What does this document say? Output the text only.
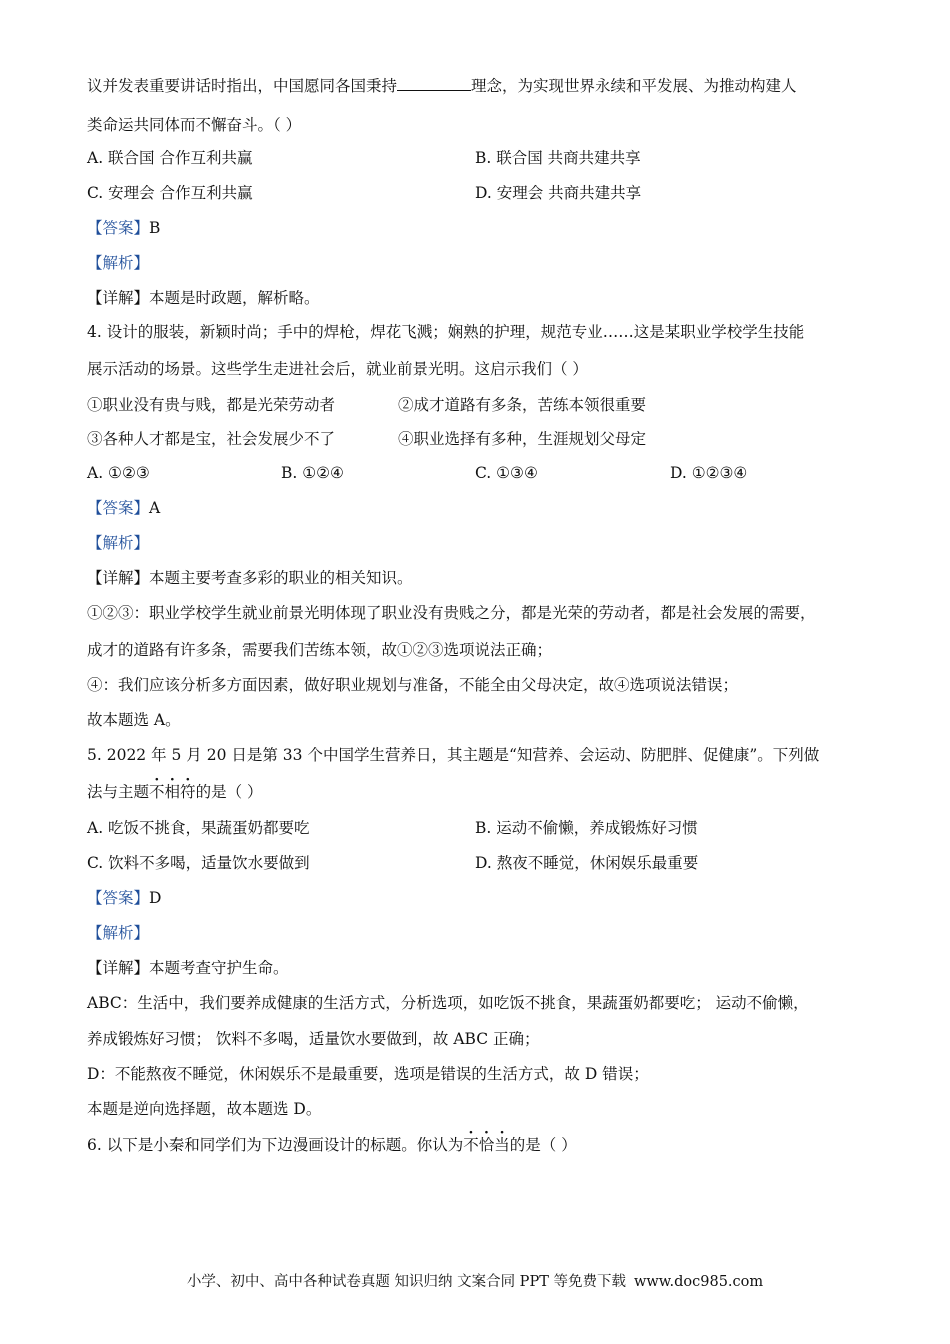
议并发表重要讲话时指出，中国愿同各国秉持	理念，为实现世界永续和平发展、为推动构建人
类命运共同体而不懈奋斗。（ ）
A. 联合国 合作互利共赢	B. 联合国 共商共建共享
C. 安理会 合作互利共赢	D. 安理会 共商共建共享
【答案】B
【解析】
【详解】本题是时政题，解析略。
4. 设计的服装，新颖时尚；手中的焊枪，焊花飞溅；娴熟的护理，规范专业……这是某职业学校学生技能
展示活动的场景。这些学生走进社会后，就业前景光明。这启示我们（ ）
①职业没有贵与贱，都是光荣劳动者	②成才道路有多条，苦练本领很重要
③各种人才都是宝，社会发展少不了	④职业选择有多种，生涯规划父母定
A. ①②③	B. ①②④	C. ①③④	D. ①②③④
【答案】A
【解析】
【详解】本题主要考查多彩的职业的相关知识。
①②③：职业学校学生就业前景光明体现了职业没有贵贱之分，都是光荣的劳动者，都是社会发展的需要，
成才的道路有许多条，需要我们苦练本领，故①②③选项说法正确；
④：我们应该分析多方面因素，做好职业规划与准备，不能全由父母决定，故④选项说法错误；
故本题选 A。
5. 2022 年 5 月 20 日是第 33 个中国学生营养日，其主题是“知营养、会运动、防肥胖、促健康”。下列做
法与主题不相符的是（ ）
A. 吃饭不挑食，果蔬蛋奶都要吃	B. 运动不偷懒，养成锻炼好习惯
C. 饮料不多喝，适量饮水要做到	D. 熬夜不睡觉，休闲娱乐最重要
【答案】D
【解析】
【详解】本题考查守护生命。
ABC：生活中，我们要养成健康的生活方式，分析选项，如吃饭不挑食，果蔬蛋奶都要吃； 运动不偷懒，
养成锻炼好习惯； 饮料不多喝，适量饮水要做到，故 ABC 正确；
D：不能熬夜不睡觉，休闲娱乐不是最重要，选项是错误的生活方式，故 D 错误；
本题是逆向选择题，故本题选 D。
6. 以下是小秦和同学们为下边漫画设计的标题。你认为不恰当的是（ ）
小学、初中、高中各种试卷真题 知识归纳 文案合同 PPT 等免费下载 www.doc985.com
